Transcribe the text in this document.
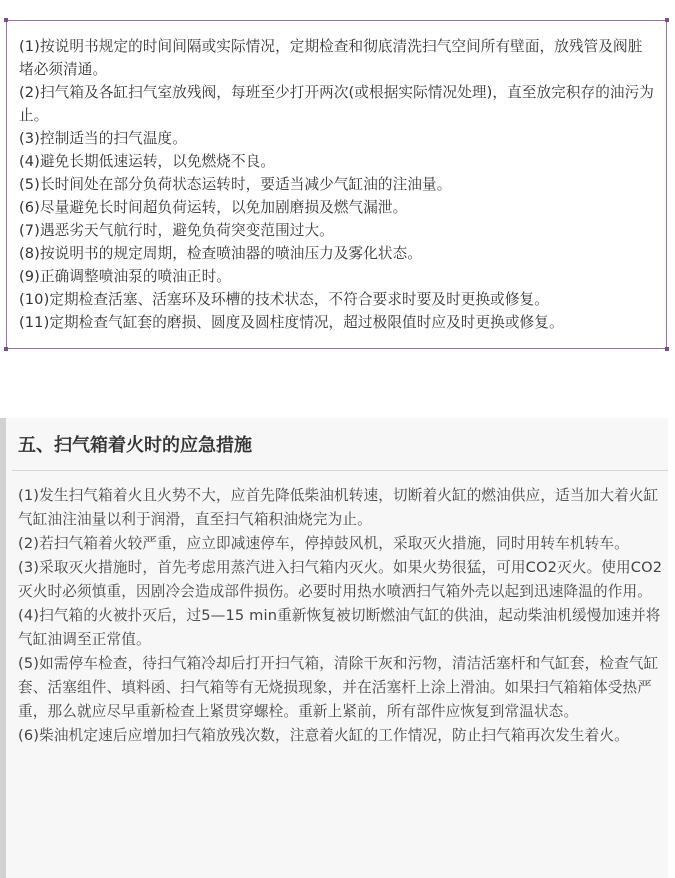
(1)按说明书规定的时间间隔或实际情况，定期检查和彻底清洗扫气空间所有壁面，放残管及阀脏堵必须清通。

(2)扫气箱及各缸扫气室放残阀，每班至少打开两次(或根据实际情况处理)，直至放完积存的油污为止。

(3)控制适当的扫气温度。

(4)避免长期低速运转，以免燃烧不良。

(5)长时间处在部分负荷状态运转时，要适当减少气缸油的注油量。

(6)尽量避免长时间超负荷运转，以免加剧磨损及燃气漏泄。

(7)遇恶劣天气航行时，避免负荷突变范围过大。

(8)按说明书的规定周期，检查喷油器的喷油压力及雾化状态。

(9)正确调整喷油泵的喷油正时。

(10)定期检查活塞、活塞环及环槽的技术状态，不符合要求时要及时更换或修复。

(11)定期检查气缸套的磨损、圆度及圆柱度情况，超过极限值时应及时更换或修复。

五、扫气箱着火时的应急措施

(1)发生扫气箱着火且火势不大，应首先降低柴油机转速，切断着火缸的燃油供应，适当加大着火缸气缸油注油量以利于润滑，直至扫气箱积油烧完为止。

(2)若扫气箱着火较严重，应立即减速停车，停掉鼓风机，采取灭火措施，同时用转车机转车。

(3)采取灭火措施时，首先考虑用蒸汽进入扫气箱内灭火。如果火势很猛，可用CO2灭火。使用CO2灭火时必须慎重，因剧冷会造成部件损伤。必要时用热水喷洒扫气箱外壳以起到迅速降温的作用。

(4)扫气箱的火被扑灭后，过5—15 min重新恢复被切断燃油气缸的供油，起动柴油机缓慢加速并将气缸油调至正常值。

(5)如需停车检查，待扫气箱冷却后打开扫气箱，清除干灰和污物，清洁活塞杆和气缸套，检查气缸套、活塞组件、填料函、扫气箱等有无烧损现象，并在活塞杆上涂上滑油。如果扫气箱箱体受热严重，那么就应尽早重新检查上紧贯穿螺栓。重新上紧前，所有部件应恢复到常温状态。

(6)柴油机定速后应增加扫气箱放残次数，注意着火缸的工作情况，防止扫气箱再次发生着火。
